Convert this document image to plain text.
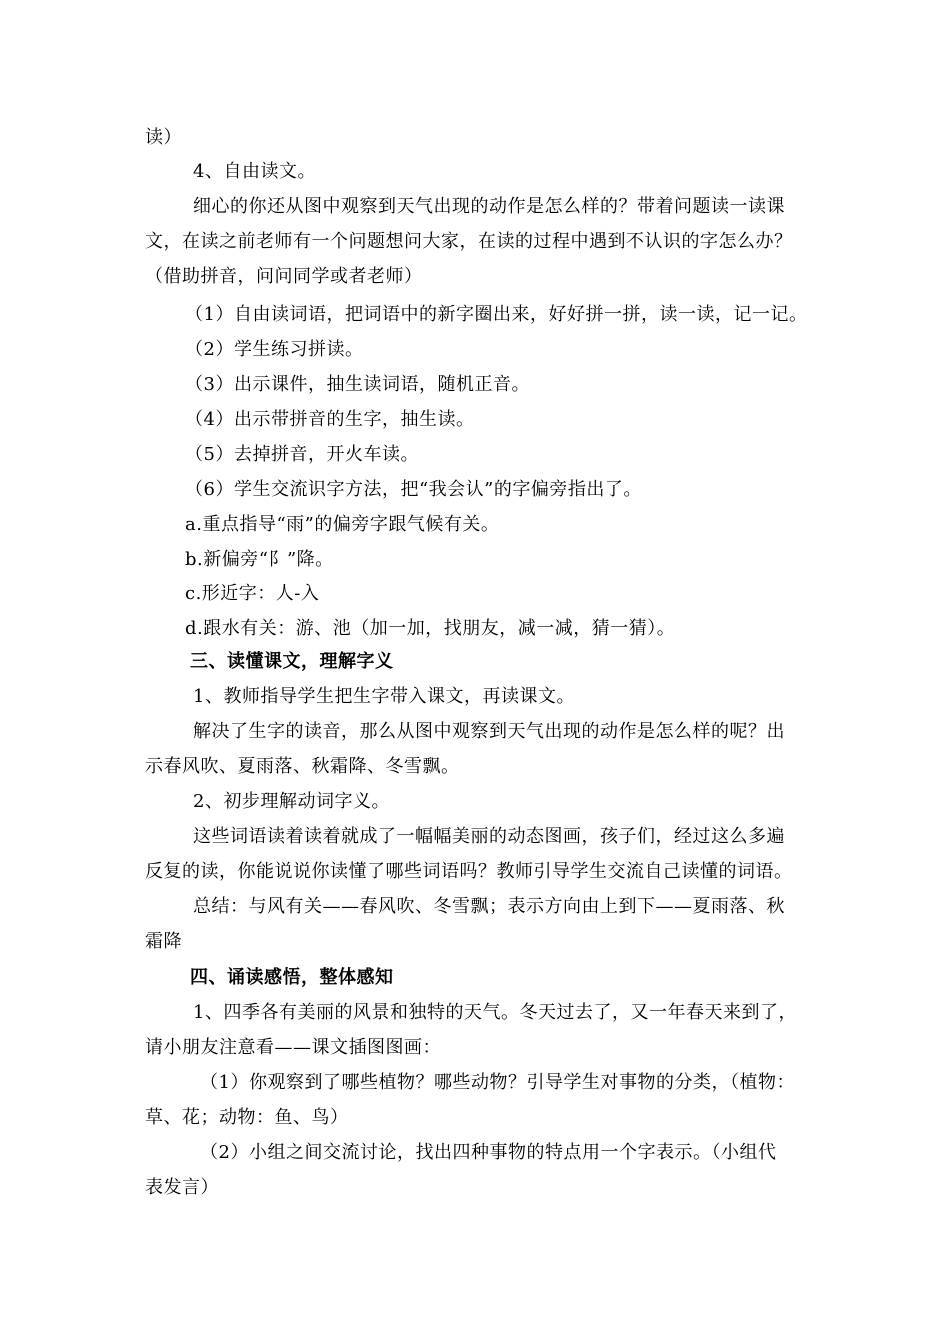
读）
4、自由读文。
细心的你还从图中观察到天气出现的动作是怎么样的？带着问题读一读课
文，在读之前老师有一个问题想问大家，在读的过程中遇到不认识的字怎么办？
（借助拼音，问问同学或者老师）
（1）自由读词语，把词语中的新字圈出来，好好拼一拼，读一读，记一记。
（2）学生练习拼读。
（3）出示课件，抽生读词语，随机正音。
（4）出示带拼音的生字，抽生读。
（5）去掉拼音，开火车读。
（6）学生交流识字方法，把“我会认”的字偏旁指出了。
a.重点指导“雨”的偏旁字跟气候有关。
b.新偏旁“阝”降。
c.形近字：人-入
d.跟水有关：游、池（加一加，找朋友，减一减，猜一猜）。
三、读懂课文，理解字义
1、教师指导学生把生字带入课文，再读课文。
解决了生字的读音，那么从图中观察到天气出现的动作是怎么样的呢？出
示春风吹、夏雨落、秋霜降、冬雪飘。
2、初步理解动词字义。
这些词语读着读着就成了一幅幅美丽的动态图画，孩子们，经过这么多遍
反复的读，你能说说你读懂了哪些词语吗？教师引导学生交流自己读懂的词语。
总结：与风有关——春风吹、冬雪飘；表示方向由上到下——夏雨落、秋
霜降
四、诵读感悟，整体感知
1、四季各有美丽的风景和独特的天气。冬天过去了，又一年春天来到了，
请小朋友注意看——课文插图图画：
（1）你观察到了哪些植物？哪些动物？引导学生对事物的分类，（植物：
草、花；动物：鱼、鸟）
（2）小组之间交流讨论，找出四种事物的特点用一个字表示。（小组代
表发言）
